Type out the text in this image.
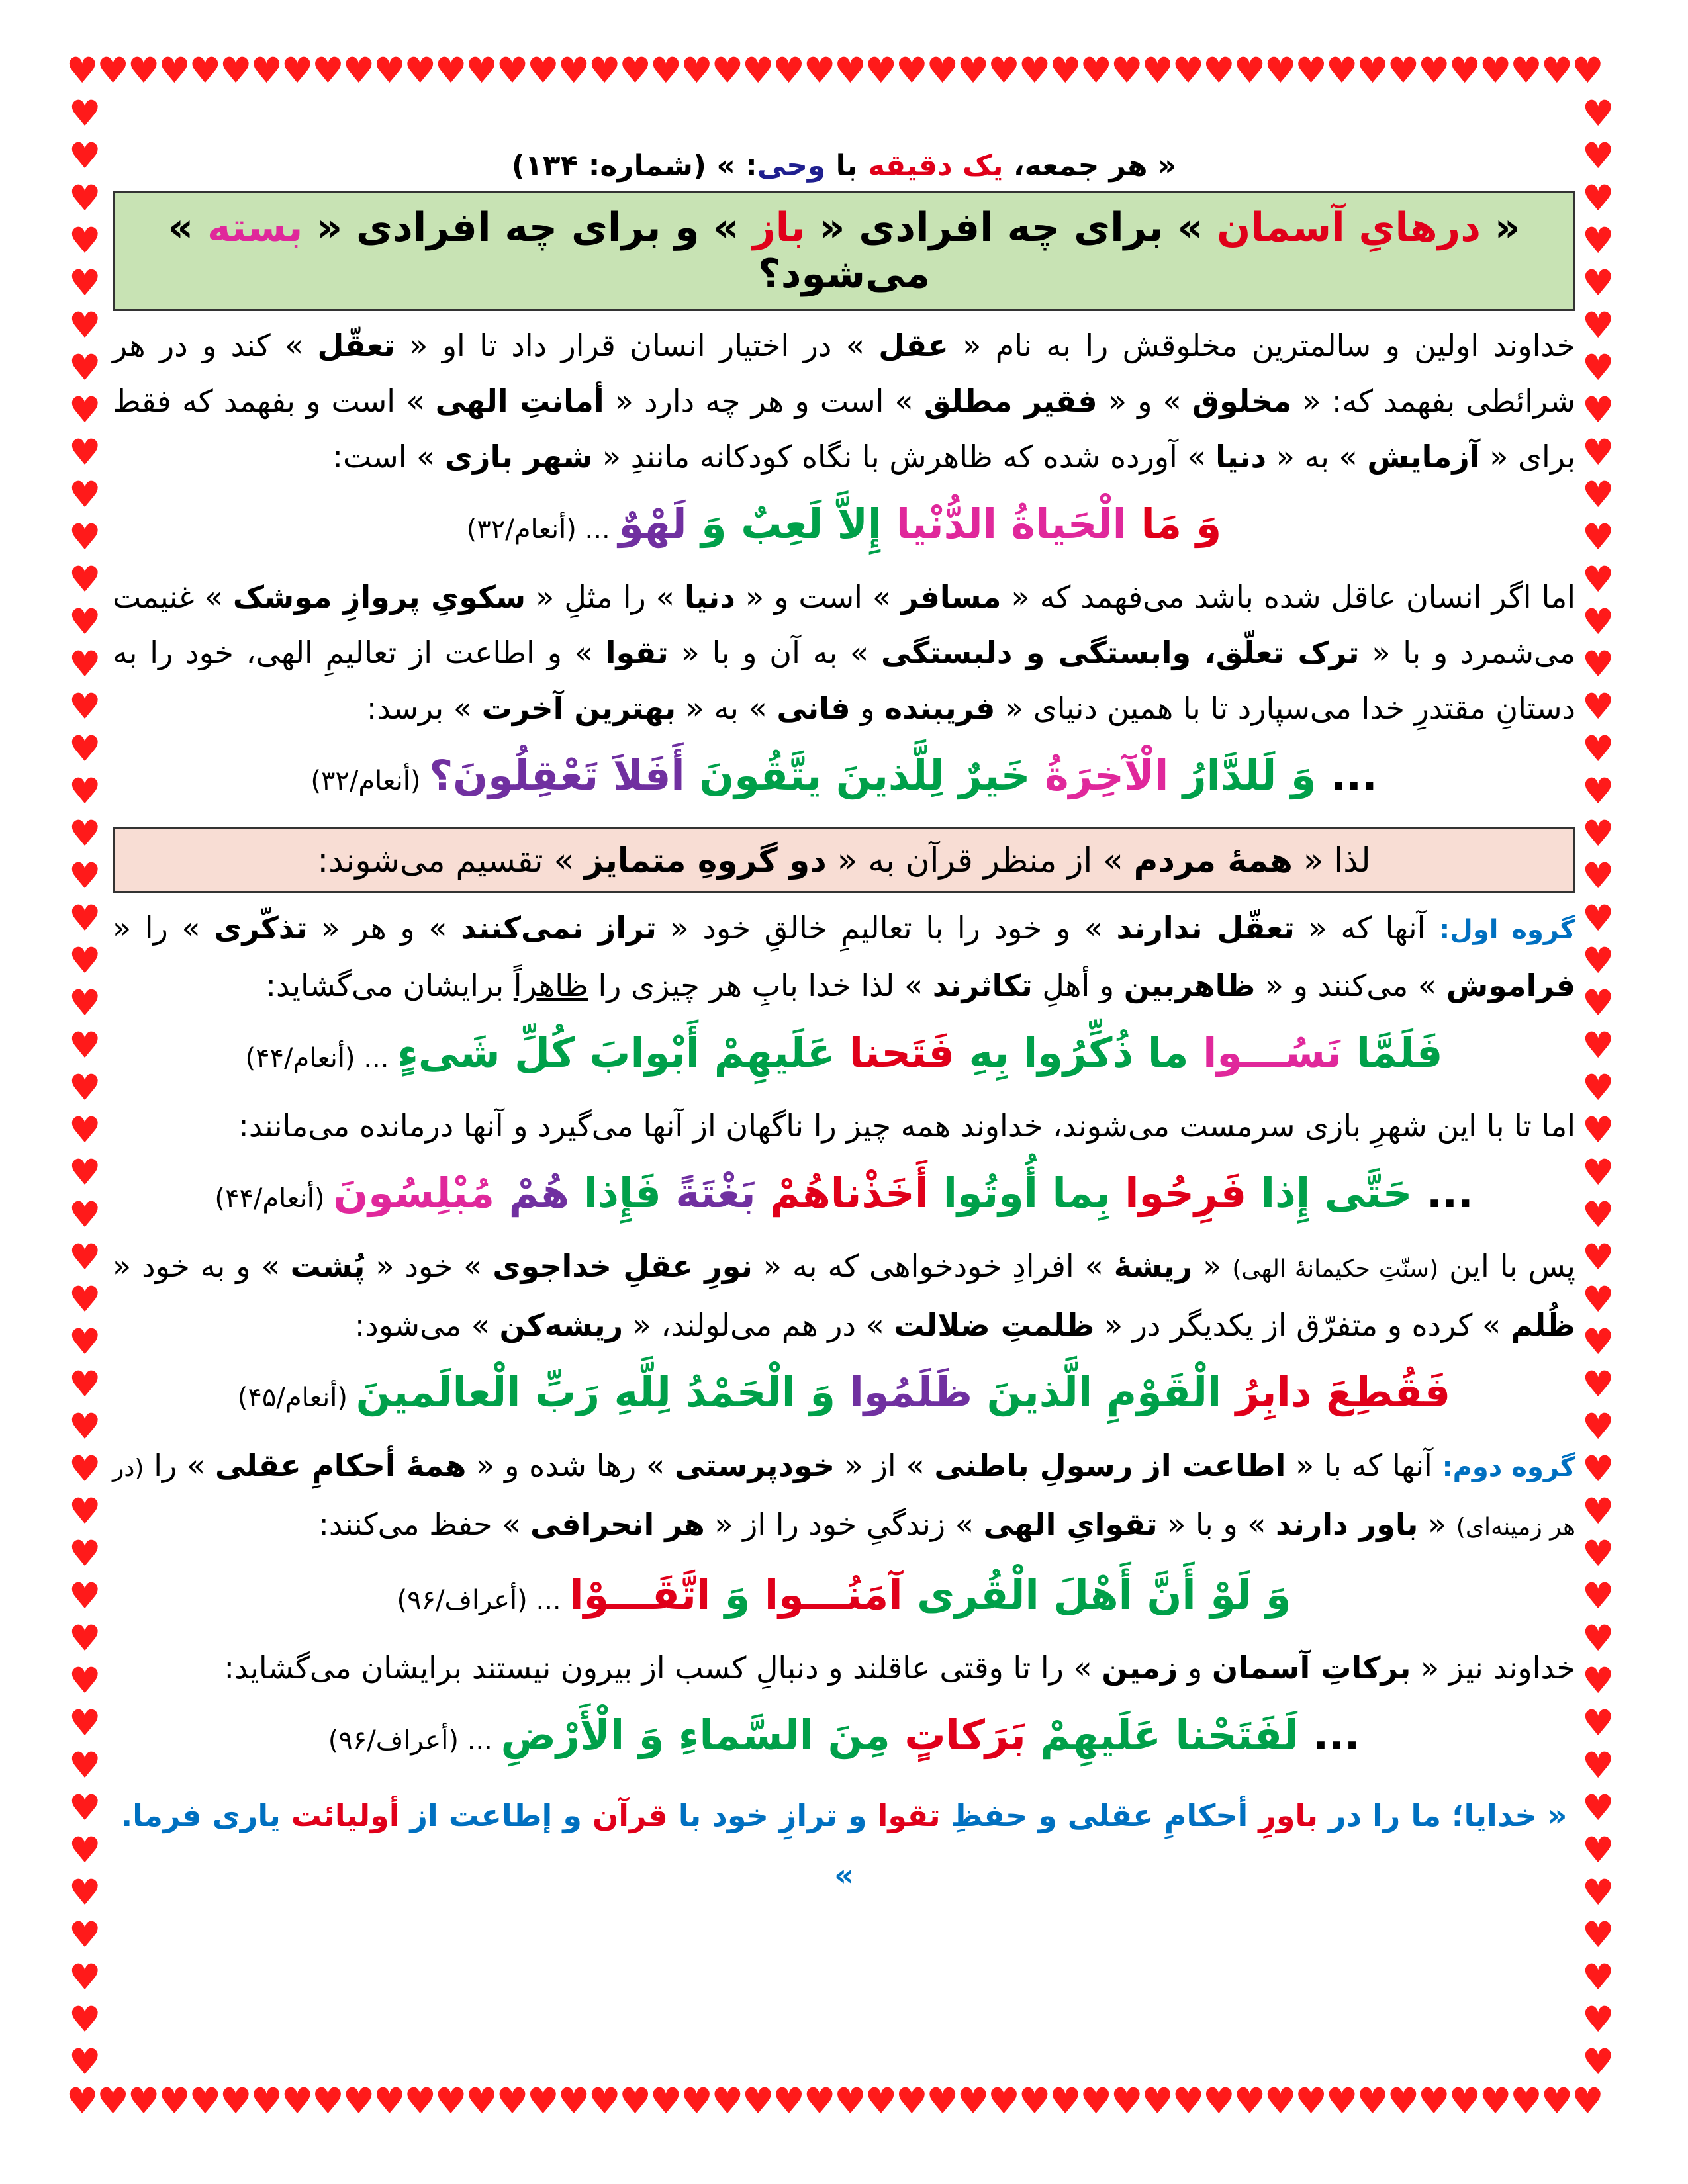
♥♥♥♥♥♥♥♥♥♥♥♥♥♥♥♥♥♥♥♥♥♥♥♥♥♥♥♥♥♥♥♥♥♥♥♥♥♥♥♥♥♥♥♥♥♥♥♥♥♥
♥♥♥♥♥♥♥♥♥♥♥♥♥♥♥♥♥♥♥♥♥♥♥♥♥♥♥♥♥♥♥♥♥♥♥♥♥♥♥♥♥♥♥♥♥♥♥♥♥♥
♥♥♥♥♥♥♥♥♥♥♥♥♥♥♥♥♥♥♥♥♥♥♥♥♥♥♥♥♥♥♥♥♥♥♥♥♥♥♥♥♥♥♥♥♥♥♥
♥♥♥♥♥♥♥♥♥♥♥♥♥♥♥♥♥♥♥♥♥♥♥♥♥♥♥♥♥♥♥♥♥♥♥♥♥♥♥♥♥♥♥♥♥♥♥
« هر جمعه، یک دقیقه با وحی: » (شماره: ۱۳۴)
« درهایِ آسمان » برای چه افرادی « باز » و برای چه افرادی « بسته » می‌شود؟

خداوند اولین و سالمترین مخلوقش را به نام « عقل » در اختیار انسان قرار داد تا او « تعقّل » کند و در هر شرائطی بفهمد که: « مخلوق » و « فقیر مطلق » است و هر چه دارد « أمانتِ الهی » است و بفهمد که فقط برای « آزمایش » به « دنیا » آورده شده که ظاهرش با نگاه کودکانه مانندِ « شهر بازی » است:

وَ مَا الْحَیاةُ الدُّنْیا إِلاَّ لَعِبٌ وَ لَهْوٌ ... (أنعام/۳۲)

اما اگر انسان عاقل شده باشد می‌فهمد که « مسافر » است و « دنیا » را مثلِ « سکویِ پروازِ موشک » غنیمت می‌شمرد و با « ترک تعلّق، وابستگی و دلبستگی » به آن و با « تقوا » و اطاعت از تعالیمِ الهی، خود را به دستانِ مقتدرِ خدا می‌سپارد تا با همین دنیای « فریبنده و فانی » به « بهترین آخرت » برسد:

... وَ لَلدَّارُ الْآخِرَةُ خَیرٌ لِلَّذینَ یتَّقُونَ أَفَلاَ تَعْقِلُونَ؟ (أنعام/۳۲)
لذا « همهٔ مردم » از منظر قرآن به « دو گروهِ متمایز » تقسیم می‌شوند:

گروه اول: آنها که « تعقّل ندارند » و خود را با تعالیمِ خالقِ خود « تراز نمی‌کنند » و هر « تذکّری » را « فراموش » می‌کنند و « ظاهربین و أهلِ تکاثرند » لذا خدا بابِ هر چیزی را ظاهراً برایشان می‌گشاید:

فَلَمَّا نَسُـــوا ما ذُکِّرُوا بِهِ فَتَحنا عَلَیهِمْ أَبْوابَ کُلِّ شَیءٍ ... (أنعام/۴۴)

اما تا با این شهرِ بازی سرمست می‌شوند، خداوند همه چیز را ناگهان از آنها می‌گیرد و آنها درمانده می‌مانند:

... حَتَّی إِذا فَرِحُوا بِما أُوتُوا أَخَذْناهُمْ بَغْتَةً فَإِذا هُمْ مُبْلِسُونَ (أنعام/۴۴)

پس با این (سنّتِ حکیمانهٔ الهی) « ریشهٔ » افرادِ خودخواهی که به « نورِ عقلِ خداجوی » خود « پُشت » و به خود « ظُلم » کرده و متفرّق از یکدیگر در « ظلمتِ ضلالت » در هم می‌لولند، « ریشه‌کن » می‌شود:

فَقُطِعَ دابِرُ الْقَوْمِ الَّذینَ ظَلَمُوا وَ الْحَمْدُ لِلَّهِ رَبِّ الْعالَمینَ (أنعام/۴۵)

گروه دوم: آنها که با « اطاعت از رسولِ باطنی » از « خودپرستی » رها شده و « همهٔ أحکامِ عقلی » را (در هر زمینه‌ای) « باور دارند » و با « تقوایِ الهی » زندگیِ خود را از « هر انحرافی » حفظ می‌کنند:

وَ لَوْ أَنَّ أَهْلَ الْقُری آمَنُـــوا وَ اتَّقَـــوْا ... (أعراف/۹۶)

خداوند نیز « برکاتِ آسمان و زمین » را تا وقتی عاقلند و دنبالِ کسب از بیرون نیستند برایشان می‌گشاید:

... لَفَتَحْنا عَلَیهِمْ بَرَکاتٍ مِنَ السَّماءِ وَ الْأَرْضِ ... (أعراف/۹۶)
« خدایا؛ ما را در باورِ أحکامِ عقلی و حفظِ تقوا و ترازِ خود با قرآن و إطاعت از أولیائت یاری فرما. »
